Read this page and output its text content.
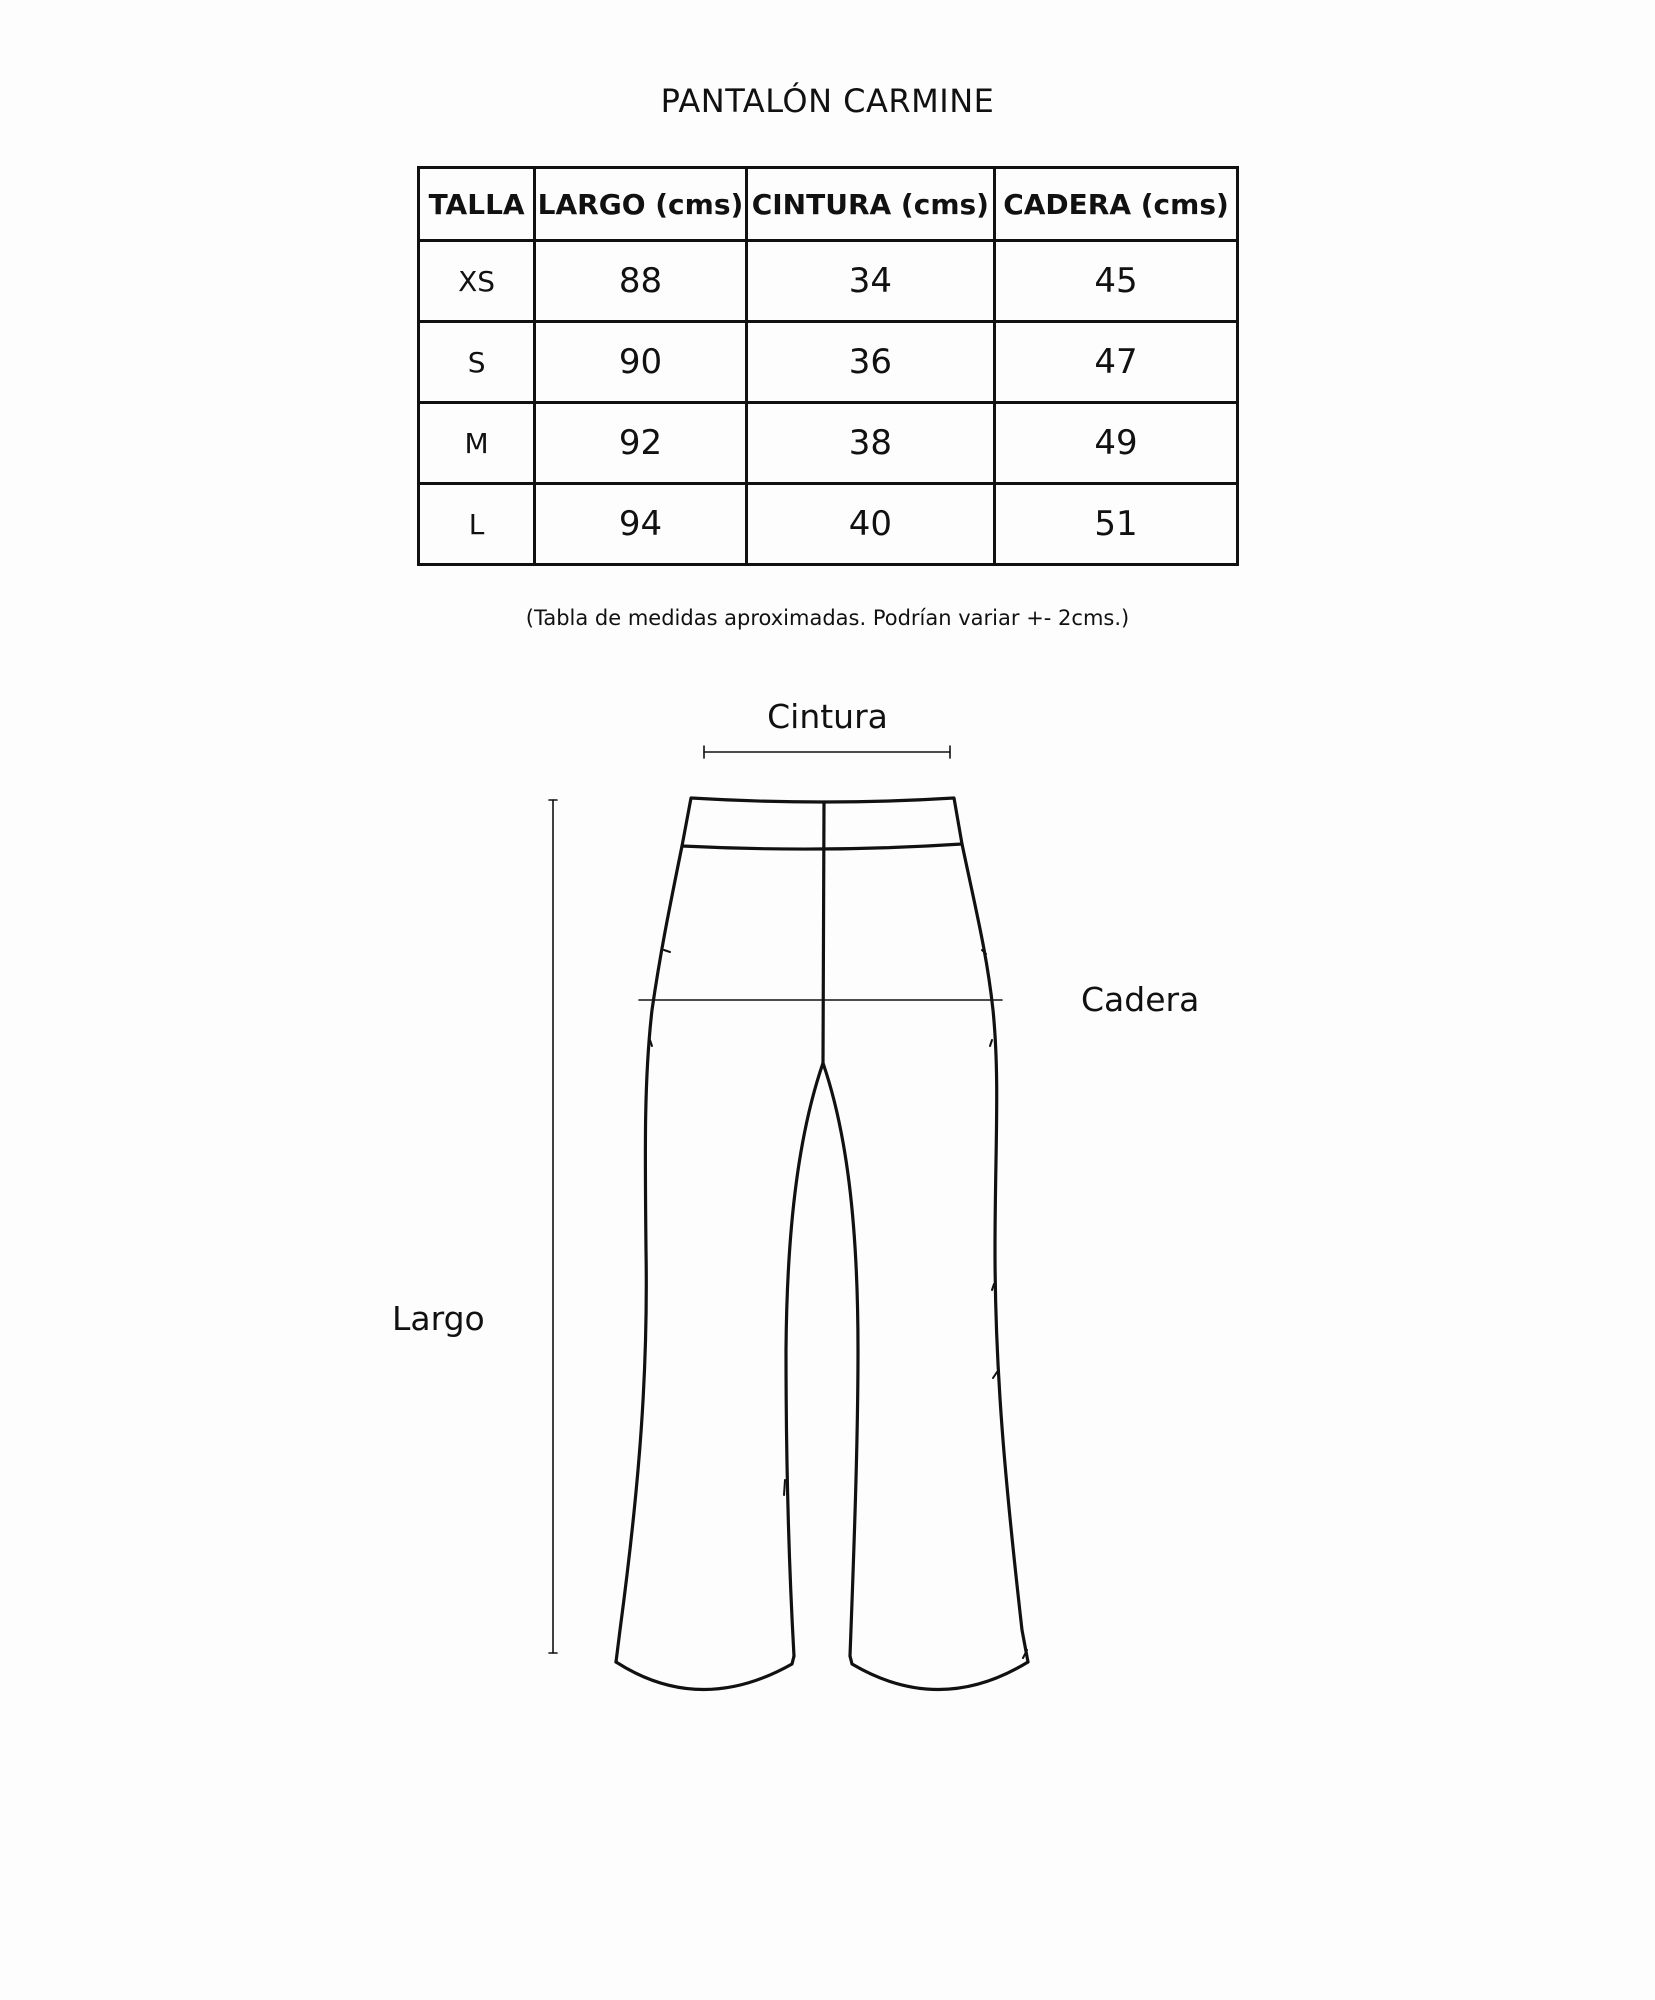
PANTALÓN CARMINE
TALLA	LARGO (cms)	CINTURA (cms)	CADERA (cms)
XS	88	34	45
S	90	36	47
M	92	38	49
L	94	40	51
(Tabla de medidas aproximadas. Podrían variar +- 2cms.)
Cintura
Cadera
Largo
